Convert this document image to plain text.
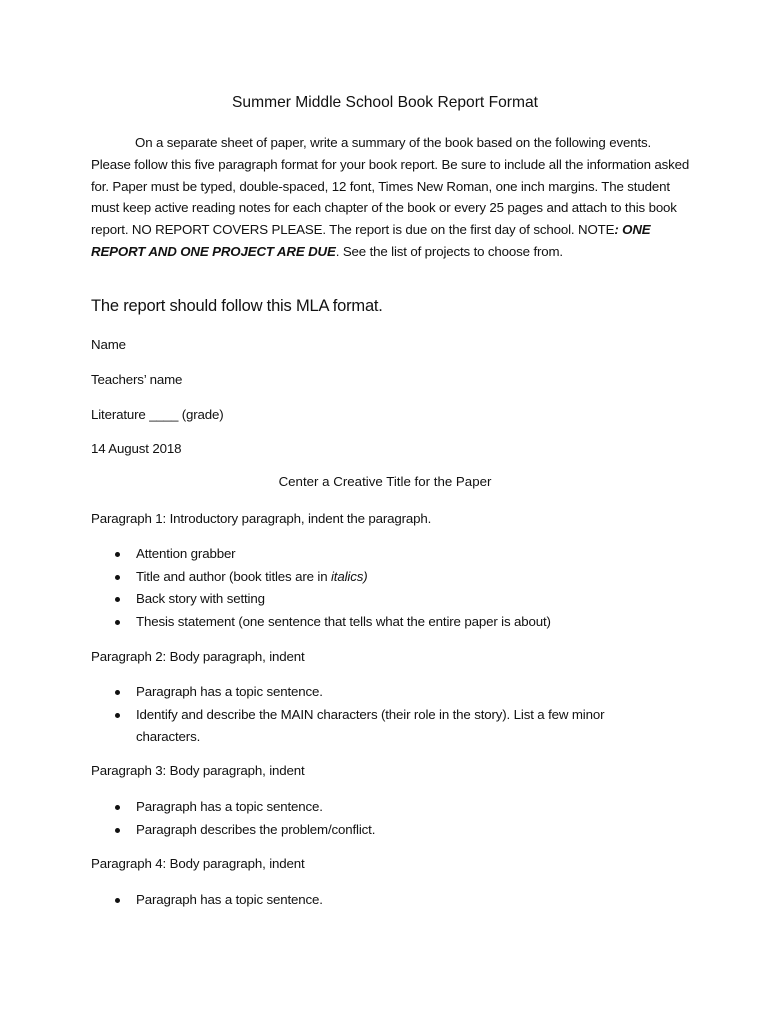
Summer Middle School Book Report Format
On a separate sheet of paper, write a summary of the book based on the following events. Please follow this five paragraph format for your book report. Be sure to include all the information asked for. Paper must be typed, double-spaced, 12 font, Times New Roman, one inch margins. The student must keep active reading notes for each chapter of the book or every 25 pages and attach to this book report. NO REPORT COVERS PLEASE. The report is due on the first day of school. NOTE: ONE REPORT AND ONE PROJECT ARE DUE. See the list of projects to choose from.
The report should follow this MLA format.
Name
Teachers’ name
Literature ____ (grade)
14 August 2018
Center a Creative Title for the Paper
Paragraph 1: Introductory paragraph, indent the paragraph.
Attention grabber
Title and author (book titles are in italics)
Back story with setting
Thesis statement (one sentence that tells what the entire paper is about)
Paragraph 2: Body paragraph, indent
Paragraph has a topic sentence.
Identify and describe the MAIN characters (their role in the story). List a few minor
characters.
Paragraph 3: Body paragraph, indent
Paragraph has a topic sentence.
Paragraph describes the problem/conflict.
Paragraph 4: Body paragraph, indent
Paragraph has a topic sentence.
